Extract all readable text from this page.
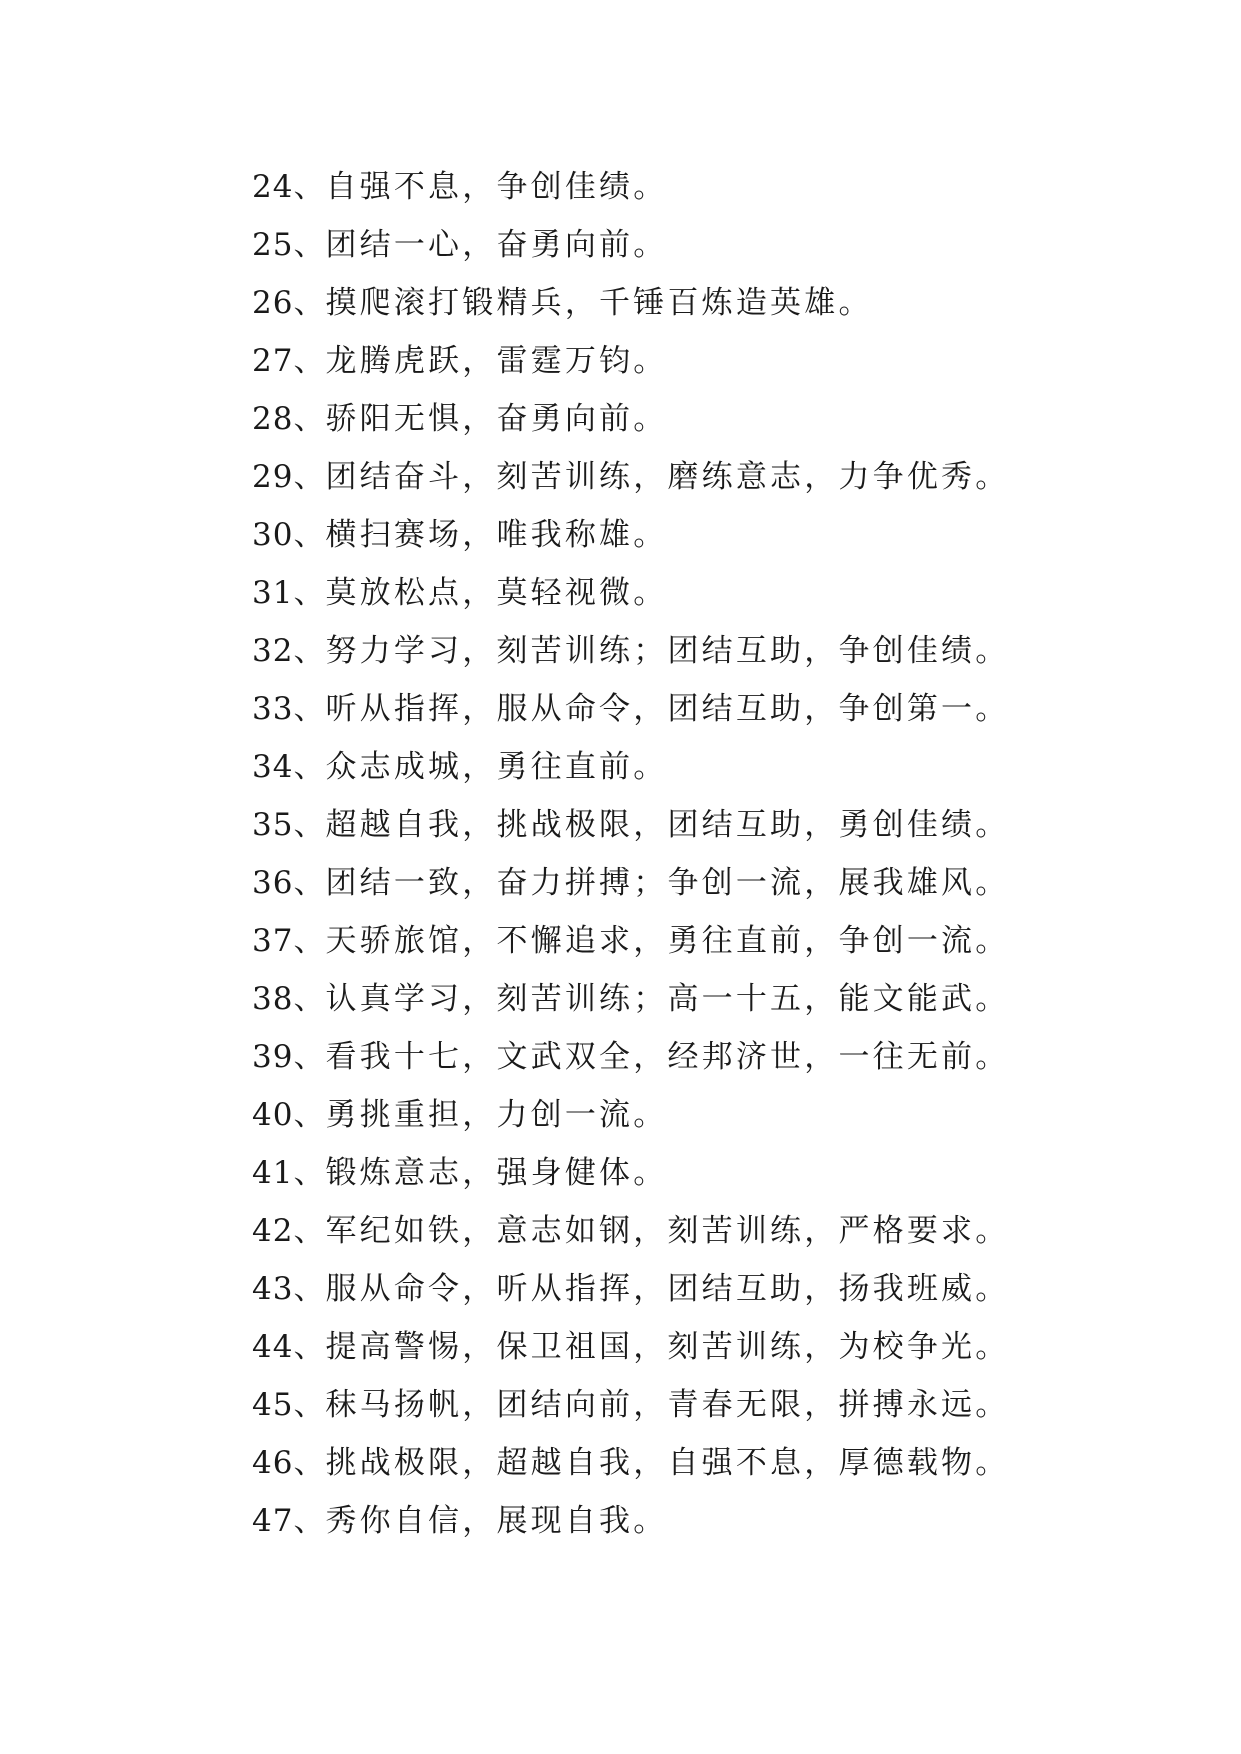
24、自强不息，争创佳绩。
25、团结一心，奋勇向前。
26、摸爬滚打锻精兵，千锤百炼造英雄。
27、龙腾虎跃，雷霆万钧。
28、骄阳无惧，奋勇向前。
29、团结奋斗，刻苦训练，磨练意志，力争优秀。
30、横扫赛场，唯我称雄。
31、莫放松点，莫轻视微。
32、努力学习，刻苦训练；团结互助，争创佳绩。
33、听从指挥，服从命令，团结互助，争创第一。
34、众志成城，勇往直前。
35、超越自我，挑战极限，团结互助，勇创佳绩。
36、团结一致，奋力拼搏；争创一流，展我雄风。
37、天骄旅馆，不懈追求，勇往直前，争创一流。
38、认真学习，刻苦训练；高一十五，能文能武。
39、看我十七，文武双全，经邦济世，一往无前。
40、勇挑重担，力创一流。
41、锻炼意志，强身健体。
42、军纪如铁，意志如钢，刻苦训练，严格要求。
43、服从命令，听从指挥，团结互助，扬我班威。
44、提高警惕，保卫祖国，刻苦训练，为校争光。
45、秣马扬帆，团结向前，青春无限，拼搏永远。
46、挑战极限，超越自我，自强不息，厚德载物。
47、秀你自信，展现自我。
